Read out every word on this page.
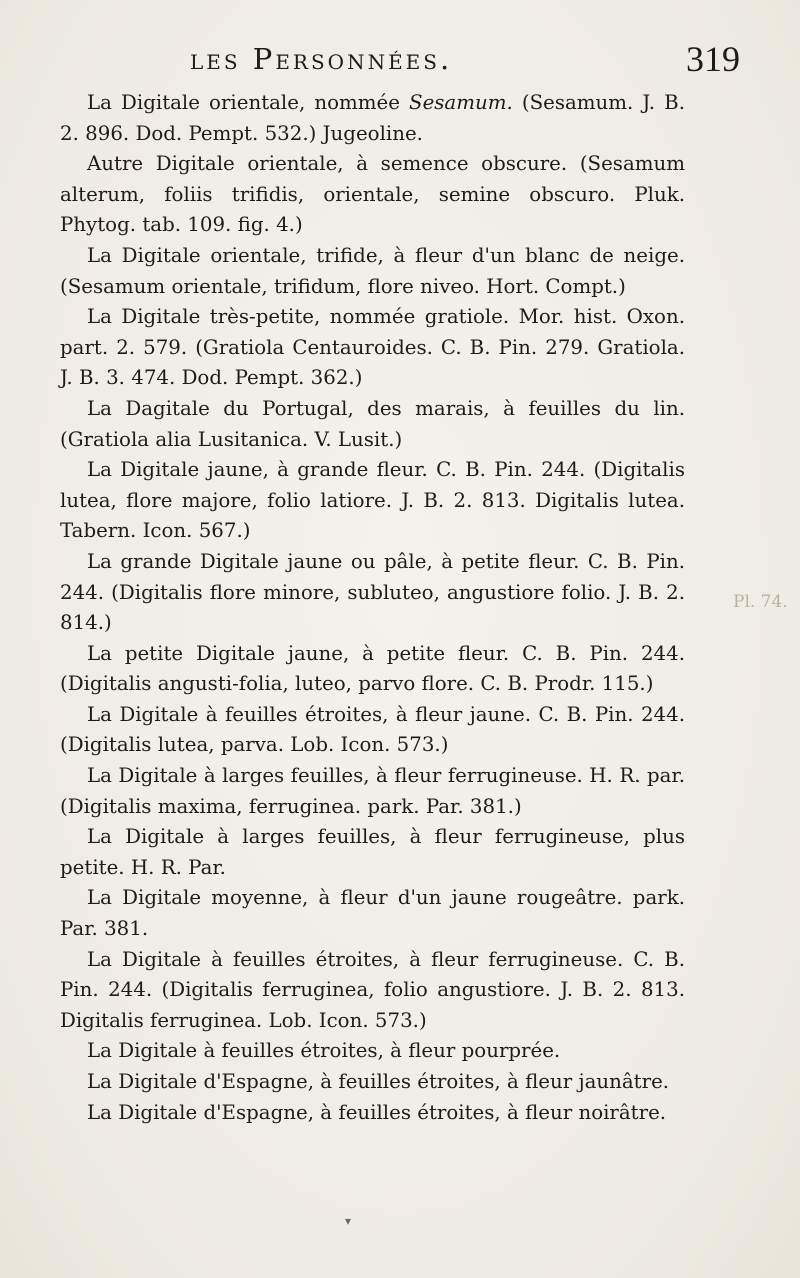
les Personnées.	319

La Digitale orientale, nommée Sesamum. (Sesamum. J. B. 2. 896. Dod. Pempt. 532.) Jugeoline.

Autre Digitale orientale, à semence obscure. (Sesamum alterum, foliis trifidis, orientale, semine obscuro. Pluk. Phytog. tab. 109. fig. 4.)

La Digitale orientale, trifide, à fleur d'un blanc de neige. (Sesamum orientale, trifidum, flore niveo. Hort. Compt.)

La Digitale très-petite, nommée gratiole. Mor. hist. Oxon. part. 2. 579. (Gratiola Centauroides. C. B. Pin. 279. Gratiola. J. B. 3. 474. Dod. Pempt. 362.)

La Dagitale du Portugal, des marais, à feuilles du lin. (Gratiola alia Lusitanica. V. Lusit.)

La Digitale jaune, à grande fleur. C. B. Pin. 244. (Digitalis lutea, flore majore, folio latiore. J. B. 2. 813. Digitalis lutea. Tabern. Icon. 567.)

La grande Digitale jaune ou pâle, à petite fleur. C. B. Pin. 244. (Digitalis flore minore, subluteo, angustiore folio. J. B. 2. 814.)

La petite Digitale jaune, à petite fleur. C. B. Pin. 244. (Digitalis angusti-folia, luteo, parvo flore. C. B. Prodr. 115.)

La Digitale à feuilles étroites, à fleur jaune. C. B. Pin. 244. (Digitalis lutea, parva. Lob. Icon. 573.)

La Digitale à larges feuilles, à fleur ferrugineuse. H. R. par. (Digitalis maxima, ferruginea. park. Par. 381.)

La Digitale à larges feuilles, à fleur ferrugineuse, plus petite. H. R. Par.

La Digitale moyenne, à fleur d'un jaune rougeâtre. park. Par. 381.

La Digitale à feuilles étroites, à fleur ferrugineuse. C. B. Pin. 244. (Digitalis ferruginea, folio angustiore. J. B. 2. 813. Digitalis ferruginea. Lob. Icon. 573.)

La Digitale à feuilles étroites, à fleur pourprée.

La Digitale d'Espagne, à feuilles étroites, à fleur jaunâtre.

La Digitale d'Espagne, à feuilles étroites, à fleur noirâtre.

Pl. 74.
▾
